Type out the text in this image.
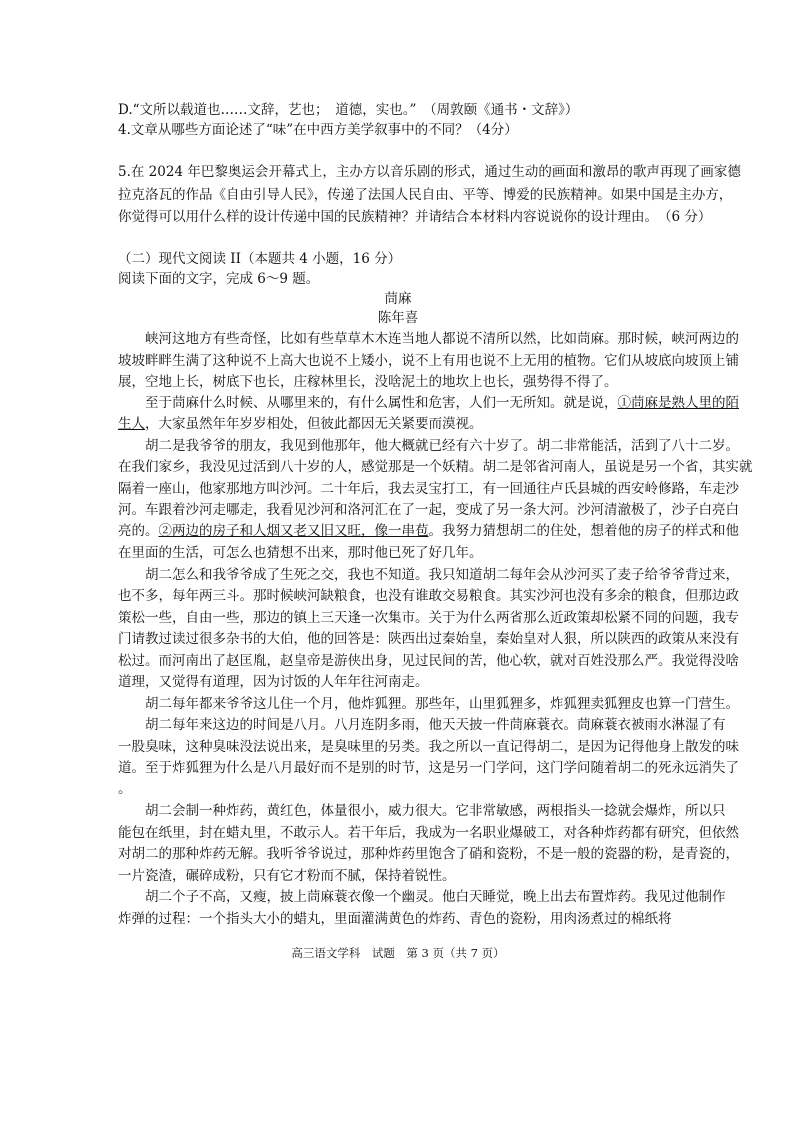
D.“文所以载道也……文辞，艺也；　道德，实也。”　（周敦颐《通书・文辞》）
4.文章从哪些方面论述了“味”在中西方美学叙事中的不同？（4分）
5.在 2024 年巴黎奥运会开幕式上，主办方以音乐剧的形式，通过生动的画面和激昂的歌声再现了画家德
拉克洛瓦的作品《自由引导人民》，传递了法国人民自由、平等、博爱的民族精神。如果中国是主办方，
你觉得可以用什么样的设计传递中国的民族精神？并请结合本材料内容说说你的设计理由。　（6 分）
（二）现代文阅读 II（本题共 4 小题，16 分）
阅读下面的文字，完成 6～9 题。
茼麻
陈年喜
峡河这地方有些奇怪，比如有些草草木木连当地人都说不清所以然，比如茼麻。那时候，峡河两边的
坡坡畔畔生满了这种说不上高大也说不上矮小，说不上有用也说不上无用的植物。它们从坡底向坡顶上铺
展，空地上长，树底下也长，庄稼林里长，没啥泥土的地坎上也长，强势得不得了。
至于茼麻什么时候、从哪里来的，有什么属性和危害，人们一无所知。就是说，①茼麻是熟人里的陌
生人，大家虽然年年岁岁相处，但彼此都因无关紧要而漠视。
胡二是我爷爷的朋友，我见到他那年，他大概就已经有六十岁了。胡二非常能活，活到了八十二岁。
在我们家乡，我没见过活到八十岁的人，感觉那是一个妖精。胡二是邻省河南人，虽说是另一个省，其实就
隔着一座山，他家那地方叫沙河。二十年后，我去灵宝打工，有一回通往卢氏县城的西安岭修路，车走沙
河。车跟着沙河走哪走，我看见沙河和洛河汇在了一起，变成了另一条大河。沙河清澈极了，沙子白亮白
亮的。②两边的房子和人烟又老又旧又旺，像一串苞。我努力猜想胡二的住处，想着他的房子的样式和他
在里面的生活，可怎么也猜想不出来，那时他已死了好几年。
胡二怎么和我爷爷成了生死之交，我也不知道。我只知道胡二每年会从沙河买了麦子给爷爷背过来，
也不多，每年两三斗。那时候峡河缺粮食，也没有谁敢交易粮食。其实沙河也没有多余的粮食，但那边政
策松一些，自由一些，那边的镇上三天逢一次集市。关于为什么两省那么近政策却松紧不同的问题，我专
门请教过读过很多杂书的大伯，他的回答是：陕西出过秦始皇，秦始皇对人狠，所以陕西的政策从来没有
松过。而河南出了赵匡胤，赵皇帝是游侠出身，见过民间的苦，他心软，就对百姓没那么严。我觉得没啥
道理，又觉得有道理，因为讨饭的人年年往河南走。
胡二每年都来爷爷这儿住一个月，他炸狐狸。那些年，山里狐狸多，炸狐狸卖狐狸皮也算一门营生。
胡二每年来这边的时间是八月。八月连阴多雨，他天天披一件茼麻蓑衣。茼麻蓑衣被雨水淋湿了有
一股臭味，这种臭味没法说出来，是臭味里的另类。我之所以一直记得胡二，是因为记得他身上散发的味
道。至于炸狐狸为什么是八月最好而不是别的时节，这是另一门学问，这门学问随着胡二的死永远消失了
。
胡二会制一种炸药，黄红色，体量很小，威力很大。它非常敏感，两根指头一捻就会爆炸，所以只
能包在纸里，封在蜡丸里，不敢示人。若干年后，我成为一名职业爆破工，对各种炸药都有研究，但依然
对胡二的那种炸药无解。我听爷爷说过，那种炸药里饱含了硝和瓷粉，不是一般的瓷器的粉，是青瓷的，
一片瓷渣，碾碎成粉，只有它才粉而不腻，保持着锐性。
胡二个子不高，又瘦，披上茼麻蓑衣像一个幽灵。他白天睡觉，晚上出去布置炸药。我见过他制作
炸弹的过程：一个指头大小的蜡丸，里面灌满黄色的炸药、青色的瓷粉，用肉汤煮过的棉纸将
高三语文学科　试题　第 3 页（共 7 页）
